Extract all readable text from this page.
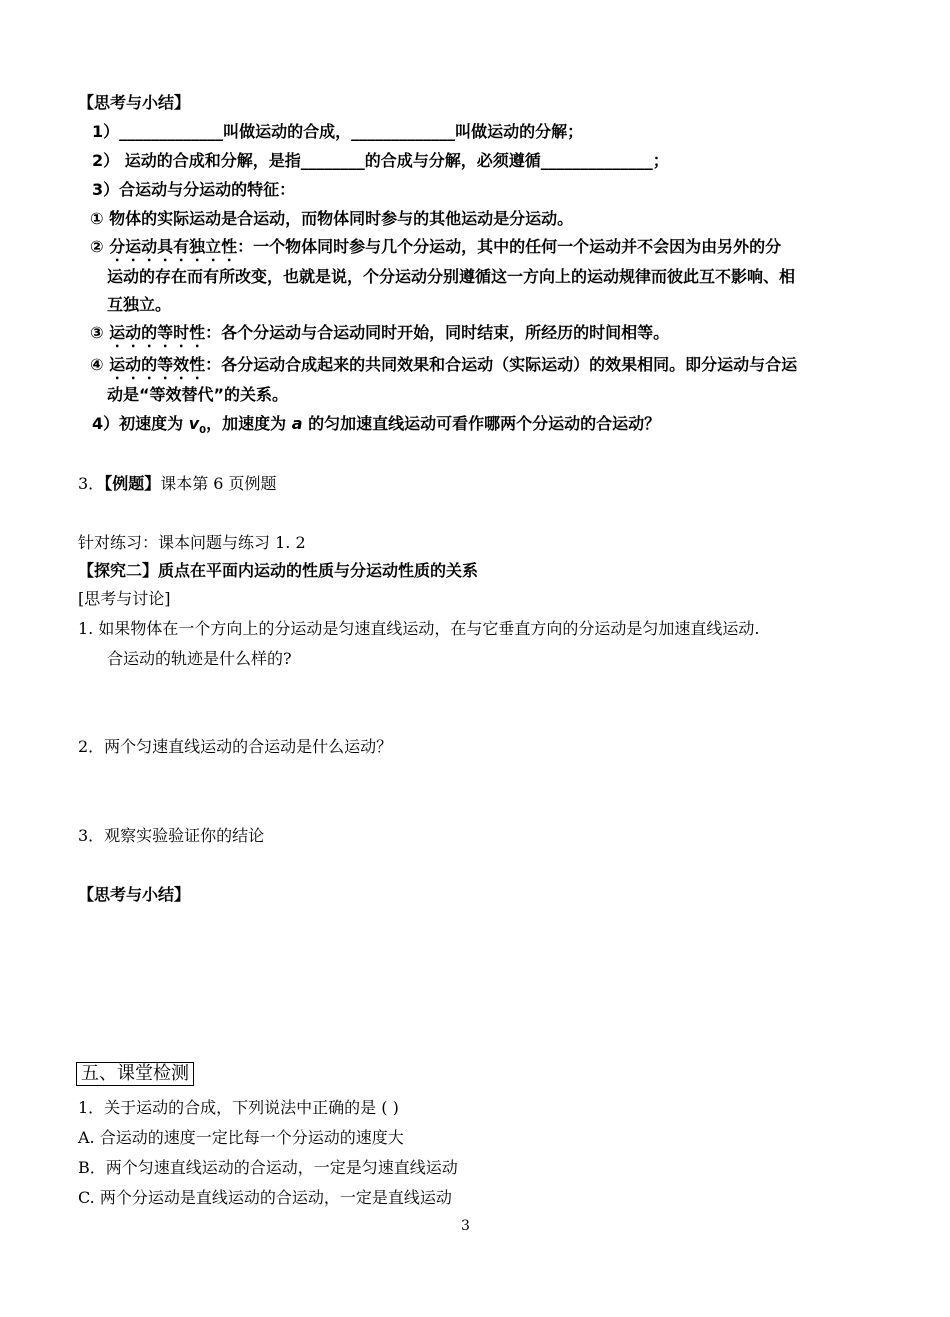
【思考与小结】
1）_____________叫做运动的合成，_____________叫做运动的分解；
2） 运动的合成和分解，是指________的合成与分解，必须遵循______________；
3）合运动与分运动的特征：
① 物体的实际运动是合运动，而物体同时参与的其他运动是分运动。
② 分运动具有独立性：一个物体同时参与几个分运动，其中的任何一个运动并不会因为由另外的分
运动的存在而有所改变，也就是说，个分运动分别遵循这一方向上的运动规律而彼此互不影响、相
互独立。
③ 运动的等时性：各个分运动与合运动同时开始，同时结束，所经历的时间相等。
④ 运动的等效性：各分运动合成起来的共同效果和合运动（实际运动）的效果相同。即分运动与合运
动是“等效替代”的关系。
4）初速度为 $v_0$，加速度为 a 的匀加速直线运动可看作哪两个分运动的合运动？
3．【例题】课本第 6 页例题
针对练习：课本问题与练习 1. 2
【探究二】质点在平面内运动的性质与分运动性质的关系
[思考与讨论]
1. 如果物体在一个方向上的分运动是匀速直线运动，在与它垂直方向的分运动是匀加速直线运动.
合运动的轨迹是什么样的?
2．两个匀速直线运动的合运动是什么运动？
3．观察实验验证你的结论
【思考与小结】
五、课堂检测
1．关于运动的合成，下列说法中正确的是 ( )
A. 合运动的速度一定比每一个分运动的速度大
B．两个匀速直线运动的合运动，一定是匀速直线运动
C. 两个分运动是直线运动的合运动，一定是直线运动
3
